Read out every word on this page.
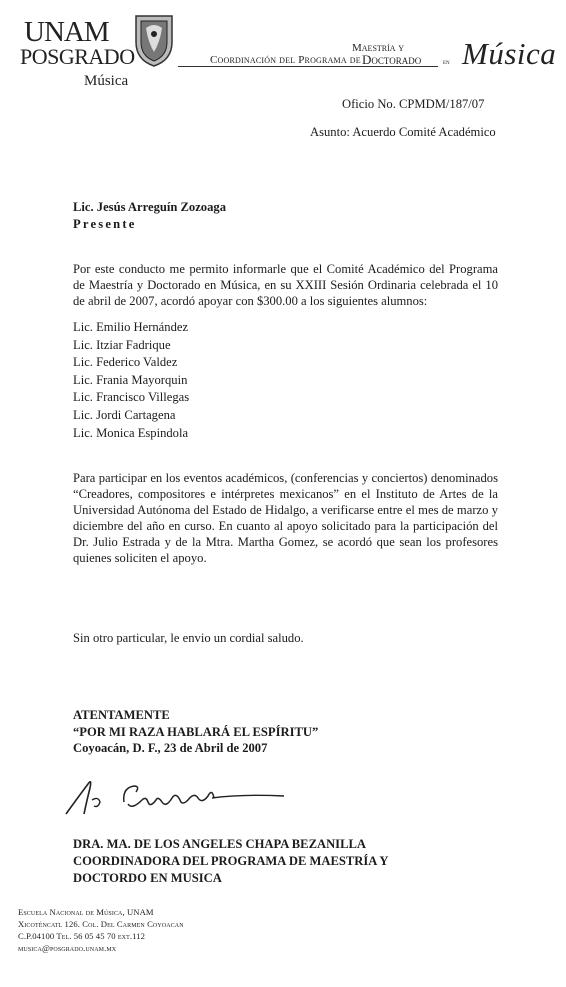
UNAM
POSGRADO
Música
Coordinación del Programa de
Maestría y
Doctorado	en Música
Oficio No. CPMDM/187/07
Asunto: Acuerdo Comité Académico
Lic. Jesús Arreguín Zozoaga
Presente
Por este conducto me permito informarle que el Comité Académico del Programa de Maestría y Doctorado en Música, en su XXIII Sesión Ordinaria celebrada el 10 de abril de 2007, acordó apoyar con $300.00 a los siguientes alumnos:
Lic. Emilio Hernández
Lic. Itziar Fadrique
Lic. Federico Valdez
Lic. Frania Mayorquin
Lic. Francisco Villegas
Lic. Jordi Cartagena
Lic. Monica Espindola
Para participar en los eventos académicos, (conferencias y conciertos) denominados “Creadores, compositores e intérpretes mexicanos” en el Instituto de Artes de la Universidad Autónoma del Estado de Hidalgo, a verificarse entre el mes de marzo y diciembre del año en curso. En cuanto al apoyo solicitado para la participación del Dr. Julio Estrada y de la Mtra. Martha Gomez, se acordó que sean los profesores quienes soliciten el apoyo.
Sin otro particular, le envio un cordial saludo.
ATENTAMENTE
“POR MI RAZA HABLARÁ EL ESPÍRITU”
Coyoacán, D. F., 23 de Abril de 2007
DRA. MA. DE LOS ANGELES CHAPA BEZANILLA
COORDINADORA DEL PROGRAMA DE MAESTRÍA Y
DOCTORDO EN MUSICA
Escuela Nacional de Música, UNAM
Xicoténcatl 126. Col. Del Carmen Coyoacan
C.P.04100 Tel. 56 05 45 70 ext.112
musica@posgrado.unam.mx
